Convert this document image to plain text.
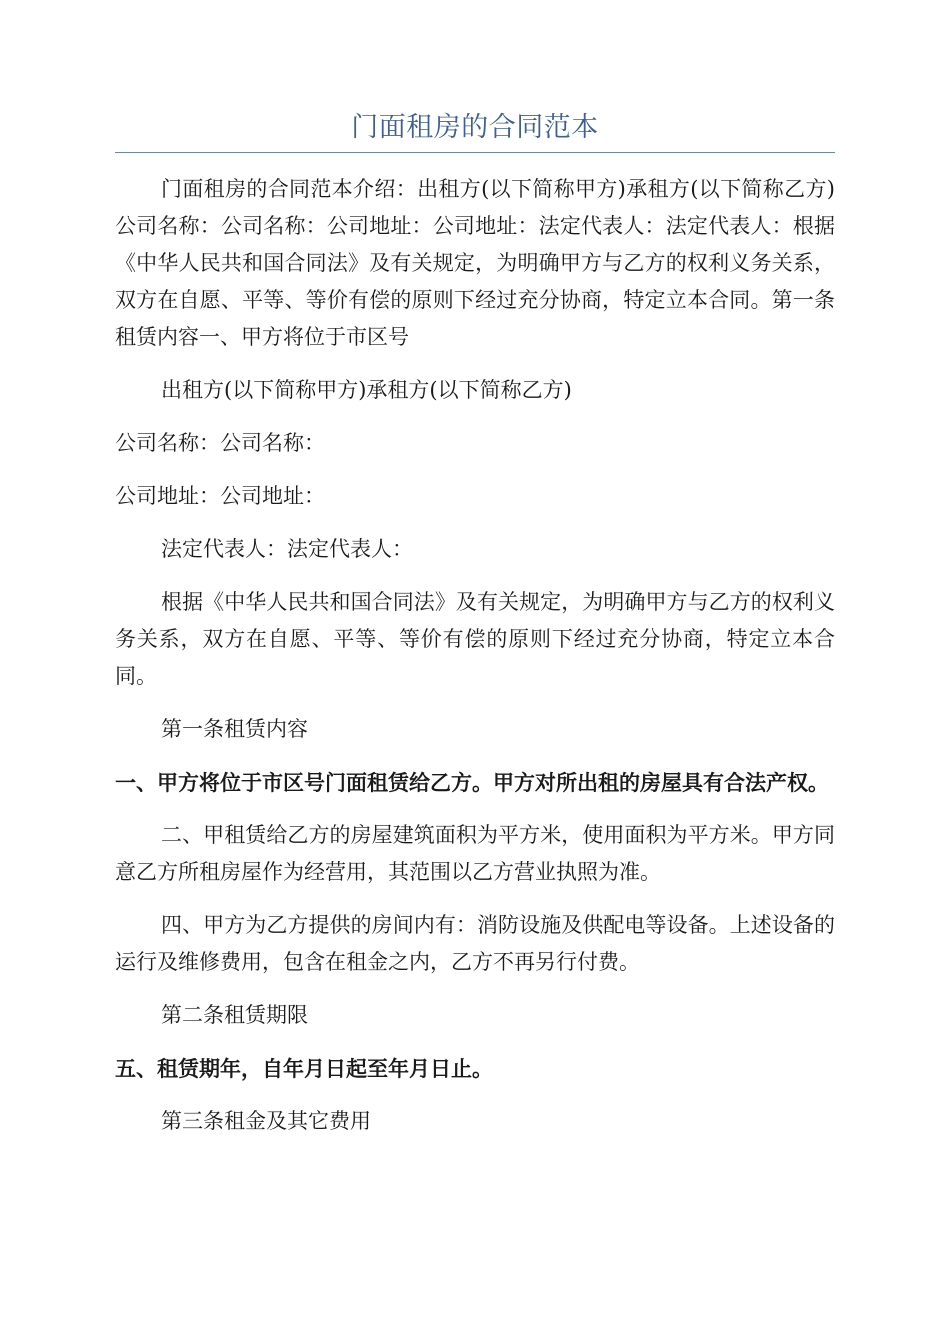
门面租房的合同范本

门面租房的合同范本介绍：出租方(以下简称甲方)承租方(以下简称乙方)公司名称：公司名称：公司地址：公司地址：法定代表人：法定代表人：根据《中华人民共和国合同法》及有关规定，为明确甲方与乙方的权利义务关系，双方在自愿、平等、等价有偿的原则下经过充分协商，特定立本合同。第一条租赁内容一、甲方将位于市区号

出租方(以下简称甲方)承租方(以下简称乙方)

公司名称：公司名称：

公司地址：公司地址：

法定代表人：法定代表人：

根据《中华人民共和国合同法》及有关规定，为明确甲方与乙方的权利义务关系，双方在自愿、平等、等价有偿的原则下经过充分协商，特定立本合同。

第一条租赁内容

一、甲方将位于市区号门面租赁给乙方。甲方对所出租的房屋具有合法产权。

二、甲租赁给乙方的房屋建筑面积为平方米，使用面积为平方米。甲方同意乙方所租房屋作为经营用，其范围以乙方营业执照为准。

四、甲方为乙方提供的房间内有：消防设施及供配电等设备。上述设备的运行及维修费用，包含在租金之内，乙方不再另行付费。

第二条租赁期限

五、租赁期年，自年月日起至年月日止。

第三条租金及其它费用
